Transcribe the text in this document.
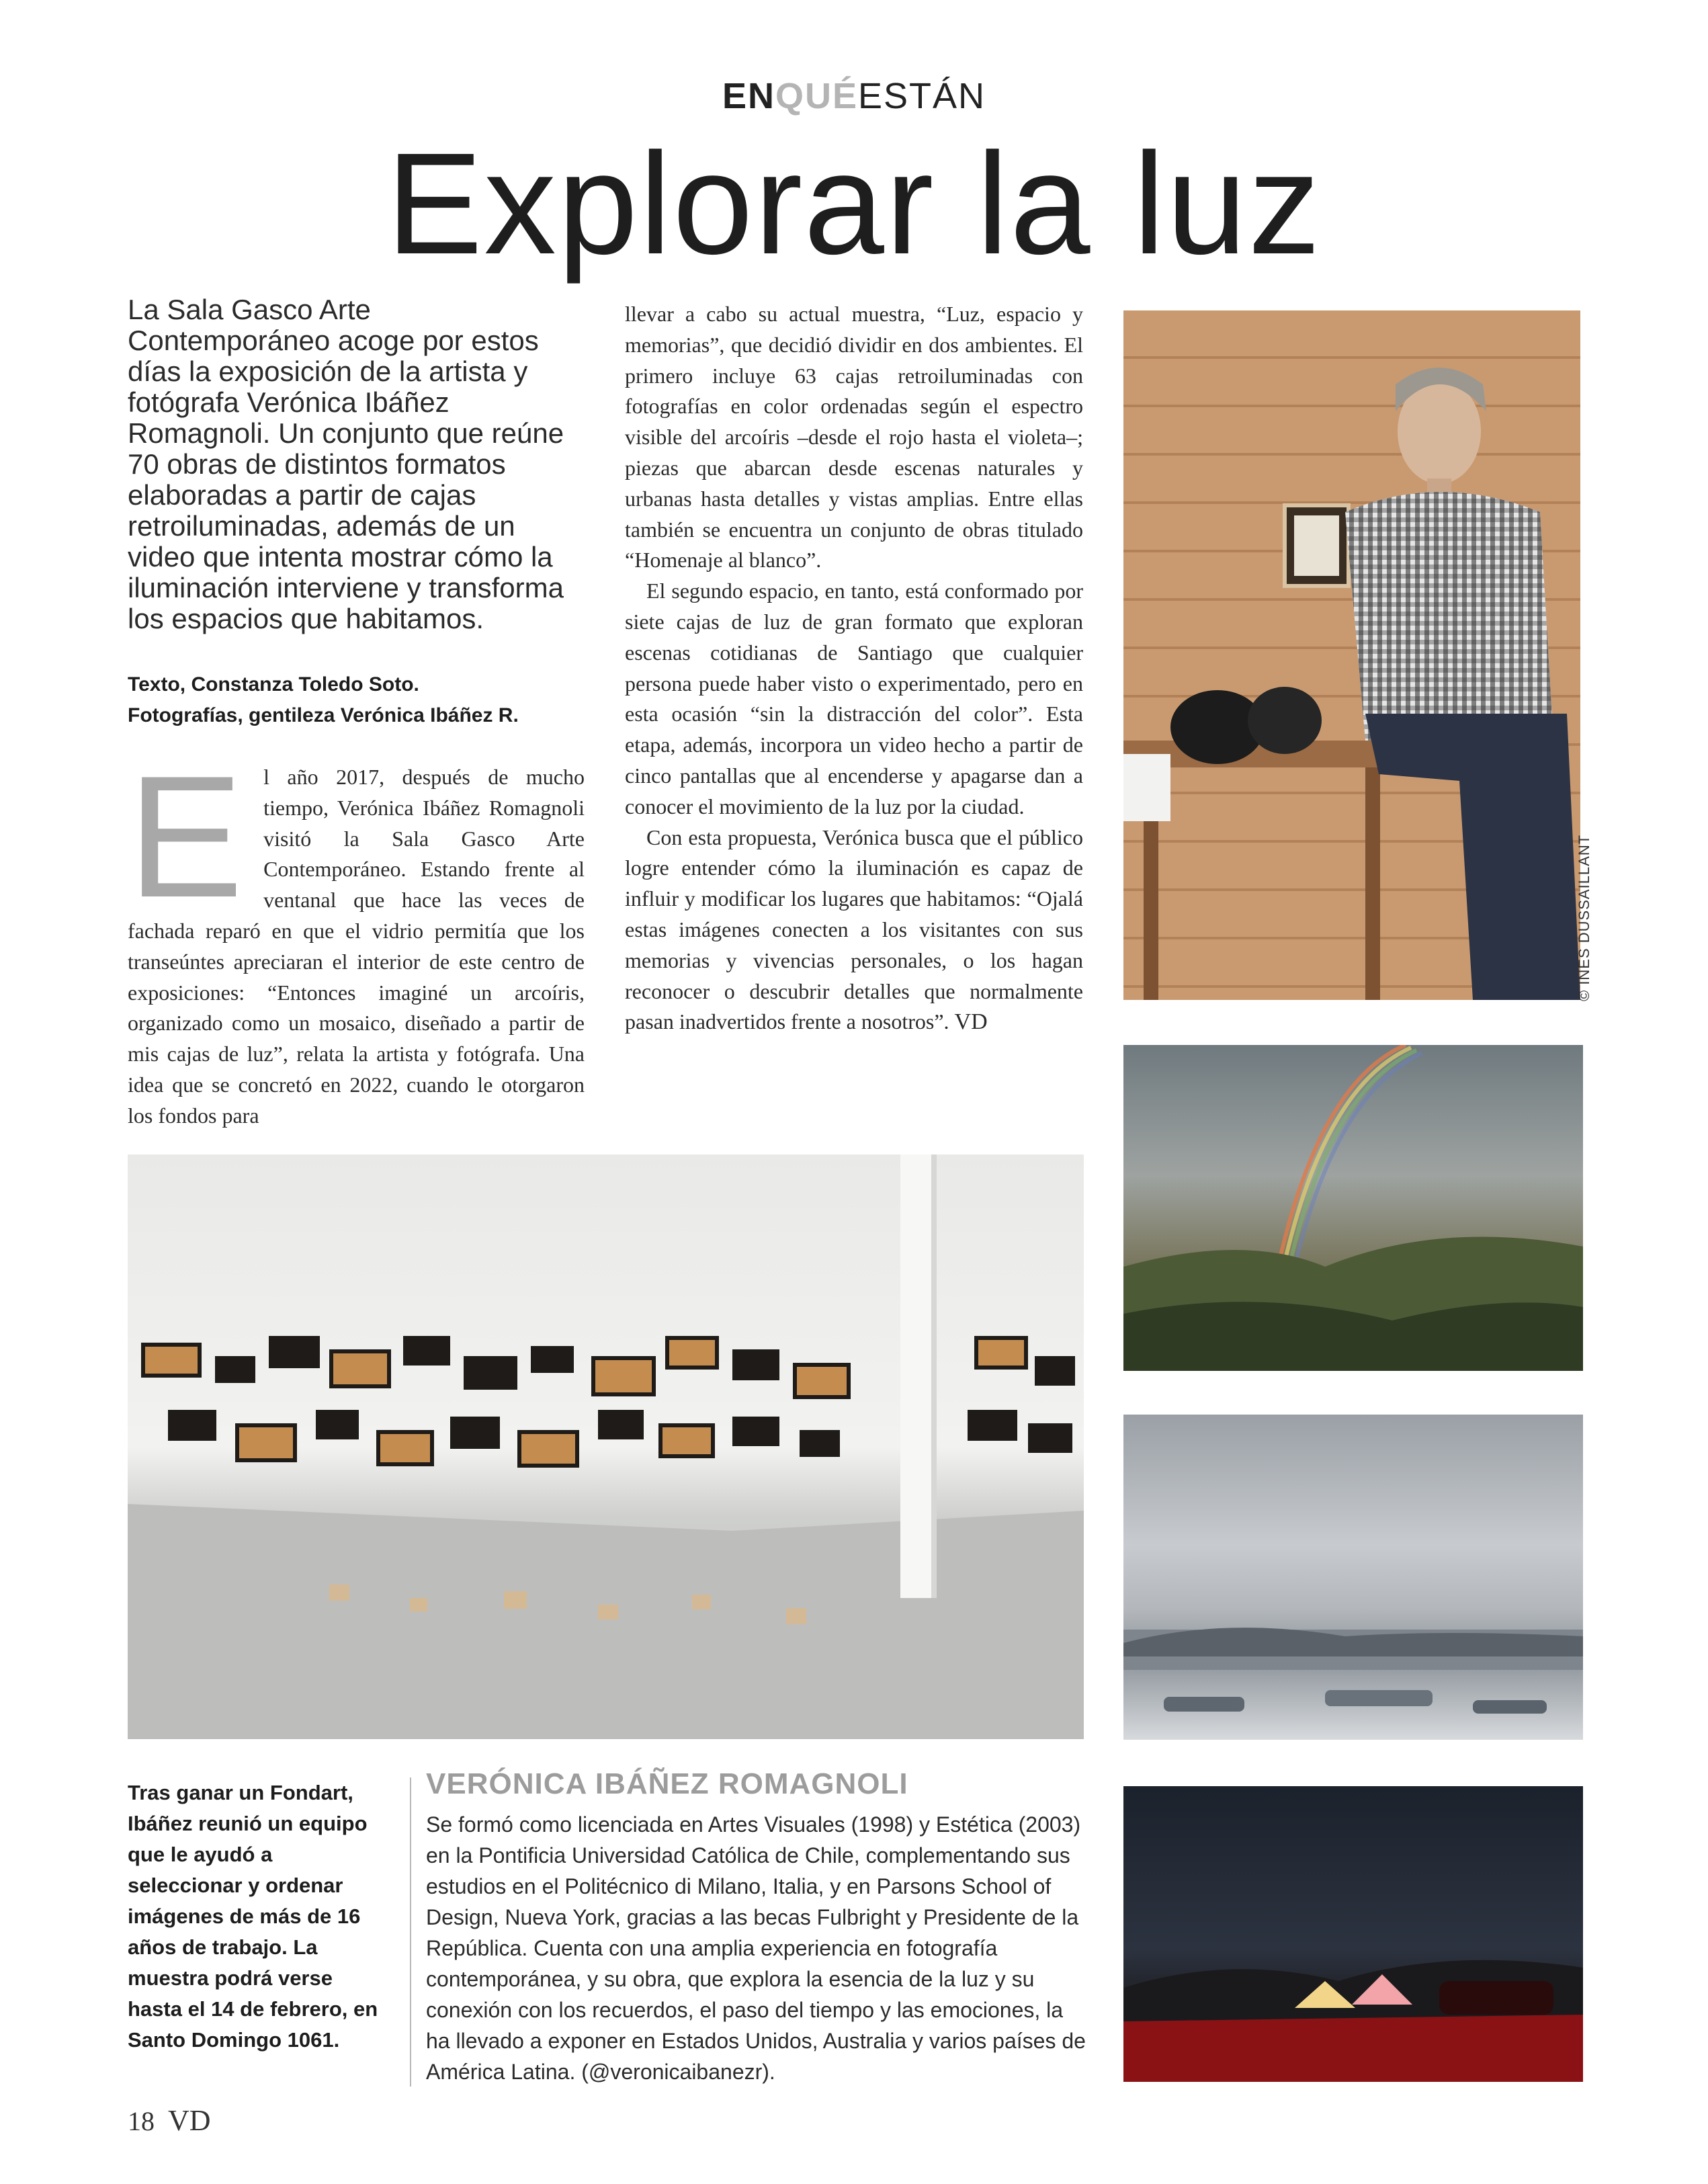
ENQUÉESTÁN
Explorar la luz
La Sala Gasco Arte Contemporáneo acoge por estos días la exposición de la artista y fotógrafa Verónica Ibáñez Romagnoli. Un conjunto que reúne 70 obras de distintos formatos elaboradas a partir de cajas retroiluminadas, además de un video que intenta mostrar cómo la iluminación interviene y transforma los espacios que habitamos.
Texto, Constanza Toledo Soto.
Fotografías, gentileza Verónica Ibáñez R.
E l año 2017, después de mucho tiempo, Verónica Ibáñez Romagnoli visitó la Sala Gasco Arte Contemporáneo. Estando frente al ventanal que hace las veces de fachada reparó en que el vidrio permitía que los transeúntes apreciaran el interior de este centro de exposiciones: “Entonces imaginé un arcoíris, organizado como un mosaico, diseñado a partir de mis cajas de luz”, relata la artista y fotógrafa. Una idea que se concretó en 2022, cuando le otorgaron los fondos para

llevar a cabo su actual muestra, “Luz, espacio y memorias”, que decidió dividir en dos ambientes. El primero incluye 63 cajas retroiluminadas con fotografías en color ordenadas según el espectro visible del arcoíris –desde el rojo hasta el violeta–; piezas que abarcan desde escenas naturales y urbanas hasta detalles y vistas amplias. Entre ellas también se encuentra un conjunto de obras titulado “Homenaje al blanco”.

El segundo espacio, en tanto, está conformado por siete cajas de luz de gran formato que exploran escenas cotidianas de Santiago que cualquier persona puede haber visto o experimentado, pero en esta ocasión “sin la distracción del color”. Esta etapa, además, incorpora un video hecho a partir de cinco pantallas que al encenderse y apagarse dan a conocer el movimiento de la luz por la ciudad.

Con esta propuesta, Verónica busca que el público logre entender cómo la iluminación es capaz de influir y modificar los lugares que habitamos: “Ojalá estas imágenes conecten a los visitantes con sus memorias y vivencias personales, o los hagan reconocer o descubrir detalles que normalmente pasan inadvertidos frente a nosotros”. VD

© INÉS DUSSAILLANT
Tras ganar un Fondart, Ibáñez reunió un equipo que le ayudó a seleccionar y ordenar imágenes de más de 16 años de trabajo. La muestra podrá verse hasta el 14 de febrero, en Santo Domingo 1061.
VERÓNICA IBÁÑEZ ROMAGNOLI
Se formó como licenciada en Artes Visuales (1998) y Estética (2003) en la Pontificia Universidad Católica de Chile, complementando sus estudios en el Politécnico di Milano, Italia, y en Parsons School of Design, Nueva York, gracias a las becas Fulbright y Presidente de la República. Cuenta con una amplia experiencia en fotografía contemporánea, y su obra, que explora la esencia de la luz y su conexión con los recuerdos, el paso del tiempo y las emociones, la ha llevado a exponer en Estados Unidos, Australia y varios países de América Latina. (@veronicaibanezr).
18 VD
